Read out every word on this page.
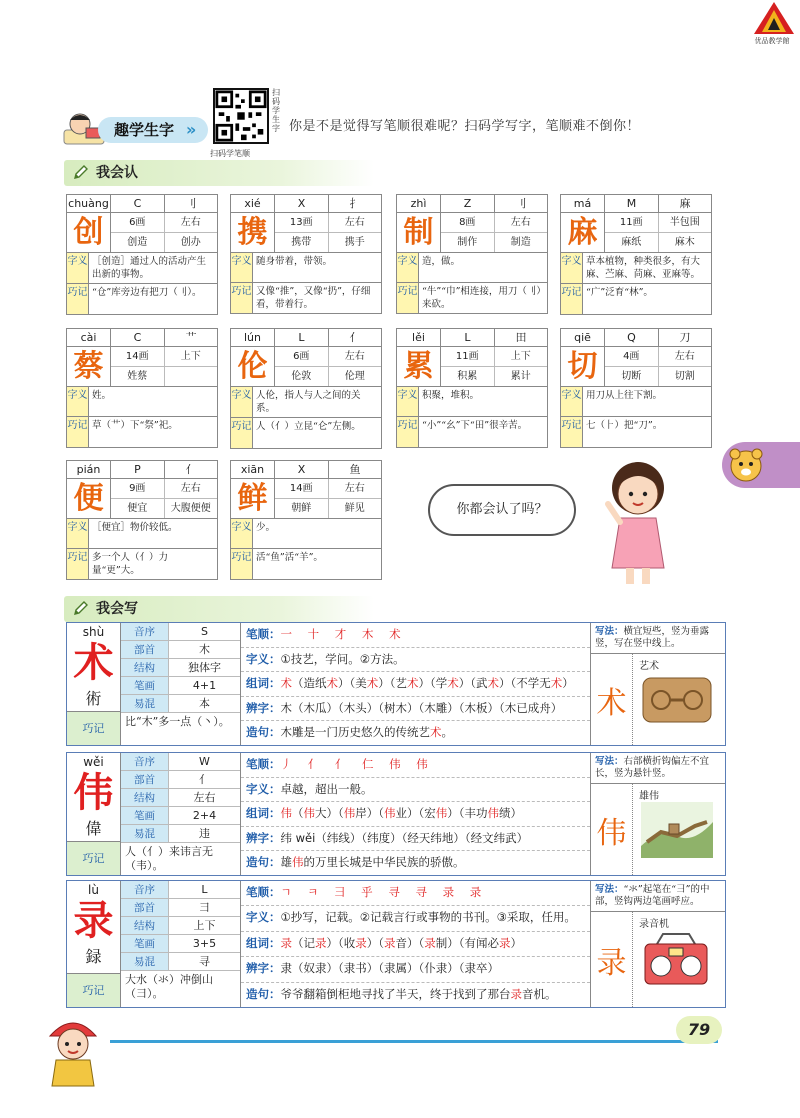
优品教学館
趣学生字 »
扫码学笔顺
扫码学生字 你是不是觉得写笔顺很难呢？扫码学写字，笔顺难不倒你！
我会认
chuàng	C	刂
创	6画	左右
创造	创办
字义 ［创造］通过人的活动产生出新的事物。
巧记 “仓”库旁边有把刀（刂）。
xié	X	扌
携	13画	左右
携带	携手
字义 随身带着，带领。
巧记 又像“推”，又像“扔”，仔细看，带着行。
zhì	Z	刂
制	8画	左右
制作	制造
字义 造，做。
巧记 “牛”“巾”相连接，用刀（刂）来砍。
má	M	麻
麻	11画	半包围
麻纸	麻木
字义 草本植物，种类很多，有大麻、苎麻、苘麻、亚麻等。
巧记 “广”泛育“林”。
cài	C	艹
蔡	14画	上下
姓蔡
字义 姓。
巧记 草（艹）下“祭”祀。
lún	L	亻
伦	6画	左右
伦敦	伦理
字义 人伦，指人与人之间的关系。
巧记 人（亻）立昆“仑”左侧。
lěi	L	田
累	11画	上下
积累	累计
字义 积聚，堆积。
巧记 “小”“幺”下“田”很辛苦。
qiē	Q	刀
切	4画	左右
切断	切割
字义 用刀从上往下割。
巧记 七（⺊）把“刀”。
pián	P	亻
便	9画	左右
便宜	大腹便便
字义 ［便宜］物价较低。
巧记 多一个人（亻）力量“更”大。
xiān	X	鱼
鲜	14画	左右
朝鲜	鲜见
字义 少。
巧记 活“鱼”活“羊”。
你都会认了吗？
我会写
shù
术
術
巧记
音序	S
部首	木
结构	独体字
笔画	4+1
易混	本
比“木”多一点（丶）。
笔顺：一 十 才 木 术
字义：①技艺，学问。②方法。
组词：术（造纸术）（美术）（艺术）（学术）（武术）（不学无术）
辨字：木（木瓜）（木头）（树木）（木雕）（木板）（木已成舟）
造句：木雕是一门历史悠久的传统艺术。
写法：横宜短些，竖为垂露竖，写在竖中线上。
术
艺术
wěi
伟
偉
巧记
音序	W
部首	亻
结构	左右
笔画	2+4
易混	违
人（亻）来讳言无（韦）。
笔顺：丿 亻 亻 仁 伟 伟
字义：卓越，超出一般。
组词：伟（伟大）（伟岸）（伟业）（宏伟）（丰功伟绩）
辨字：纬 wěi（纬线）（纬度）（经天纬地）（经文纬武）
造句：雄伟的万里长城是中华民族的骄傲。
写法：右部横折钩偏左不宜长，竖为悬针竖。
伟
雄伟
lù
录
録
巧记
音序	L
部首	彐
结构	上下
笔画	3+5
易混	寻
大水（氺）冲倒山（彐）。
笔顺：ㄱ ㅋ 彐 乎 寻 寻 录 录
字义：①抄写，记载。②记载言行或事物的书刊。③采取，任用。
组词：录（记录）（收录）（录音）（录制）（有闻必录）
辨字：隶（奴隶）（隶书）（隶属）（仆隶）（隶卒）
造句：爷爷翻箱倒柜地寻找了半天，终于找到了那台录音机。
写法：“氺”起笔在“彐”的中部，竖钩两边笔画呼应。
录
录音机
79
